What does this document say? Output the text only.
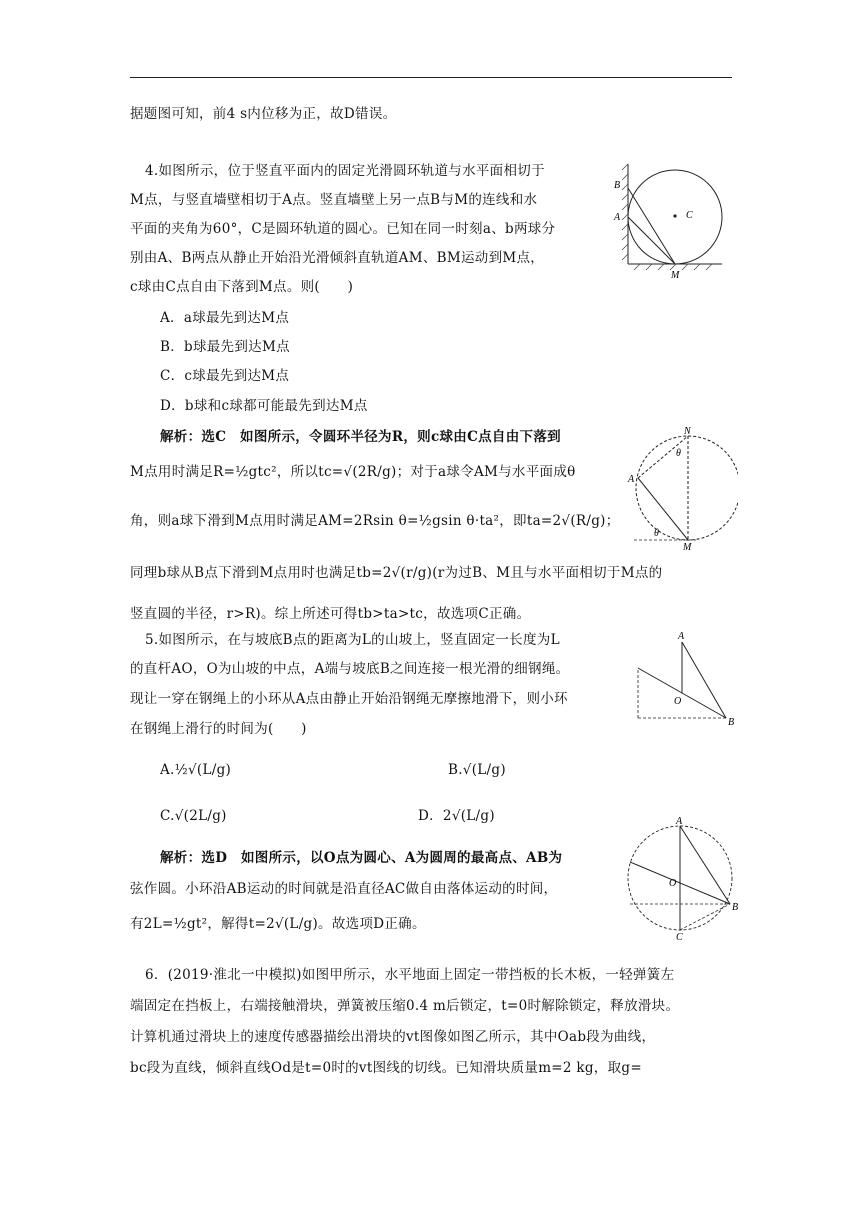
据题图可知，前4 s内位移为正，故D错误。
4.如图所示，位于竖直平面内的固定光滑圆环轨道与水平面相切于
M点，与竖直墙壁相切于A点。竖直墙壁上另一点B与M的连线和水
平面的夹角为60°，C是圆环轨道的圆心。已知在同一时刻a、b两球分
别由A、B两点从静止开始沿光滑倾斜直轨道AM、BM运动到M点，
c球由C点自由下落到M点。则(　　)
A．a球最先到达M点
B．b球最先到达M点
C．c球最先到达M点
D．b球和c球都可能最先到达M点
解析：选C　如图所示，令圆环半径为R，则c球由C点自由下落到
M点用时满足R=½gtc²，所以tc=√(2R/g)；对于a球令AM与水平面成θ
角，则a球下滑到M点用时满足AM=2Rsin θ=½gsin θ·ta²，即ta=2√(R/g)；
同理b球从B点下滑到M点用时也满足tb=2√(r/g)(r为过B、M且与水平面相切于M点的
竖直圆的半径，r>R)。综上所述可得tb>ta>tc，故选项C正确。
5.如图所示，在与坡底B点的距离为L的山坡上，竖直固定一长度为L
的直杆AO，O为山坡的中点，A端与坡底B之间连接一根光滑的细钢绳。
现让一穿在钢绳上的小环从A点由静止开始沿钢绳无摩擦地滑下，则小环
在钢绳上滑行的时间为(　　)
A.½√(L/g)	B.√(L/g)
C.√(2L/g)	D．2√(L/g)
解析：选D　如图所示，以O点为圆心、A为圆周的最高点、AB为
弦作圆。小环沿AB运动的时间就是沿直径AC做自由落体运动的时间，
有2L=½gt²，解得t=2√(L/g)。故选项D正确。
6．(2019·淮北一中模拟)如图甲所示，水平地面上固定一带挡板的长木板，一轻弹簧左
端固定在挡板上，右端接触滑块，弹簧被压缩0.4 m后锁定，t=0时解除锁定，释放滑块。
计算机通过滑块上的速度传感器描绘出滑块的vt图像如图乙所示，其中Oab段为曲线，
bc段为直线，倾斜直线Od是t=0时的vt图线的切线。已知滑块质量m=2 kg，取g=
B
A	C
M
N
A
M
θ
θ
A
O
B
A
O
B
C
